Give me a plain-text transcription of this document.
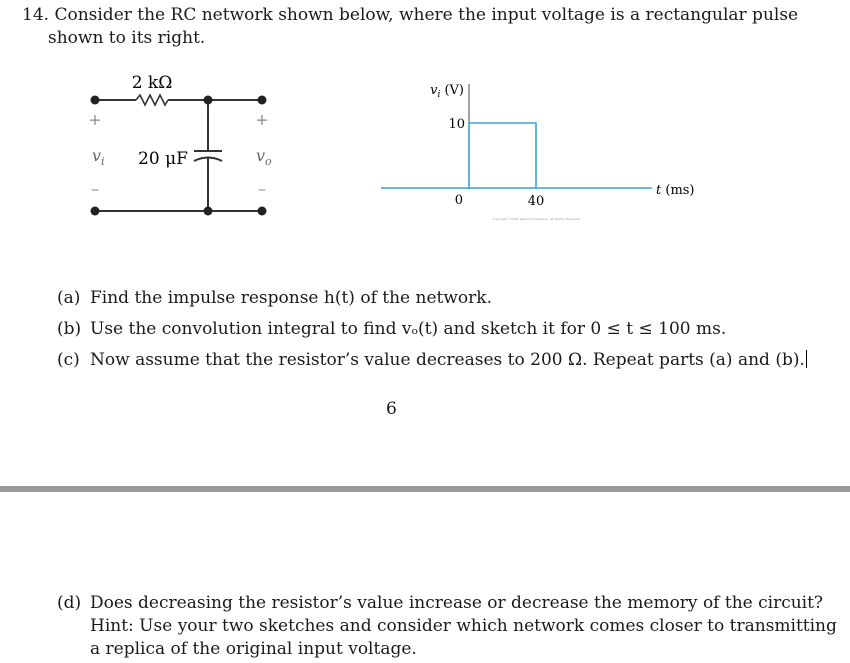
14. Consider the RC network shown below, where the input voltage is a rectangular pulse
shown to its right.
2 kΩ
20 μF
+
–
+
–
$v_i$	$v_o$
$v_i$ (V)
10
0	40
t (ms)
Copyright ©2008 Pearson Education, All Rights Reserved
(a) Find the impulse response h(t) of the network.
(b) Use the convolution integral to find vₒ(t) and sketch it for 0 ≤ t ≤ 100 ms.
(c) Now assume that the resistor’s value decreases to 200 Ω. Repeat parts (a) and (b).
6
(d) Does decreasing the resistor’s value increase or decrease the memory of the circuit?
Hint: Use your two sketches and consider which network comes closer to transmitting
a replica of the original input voltage.
